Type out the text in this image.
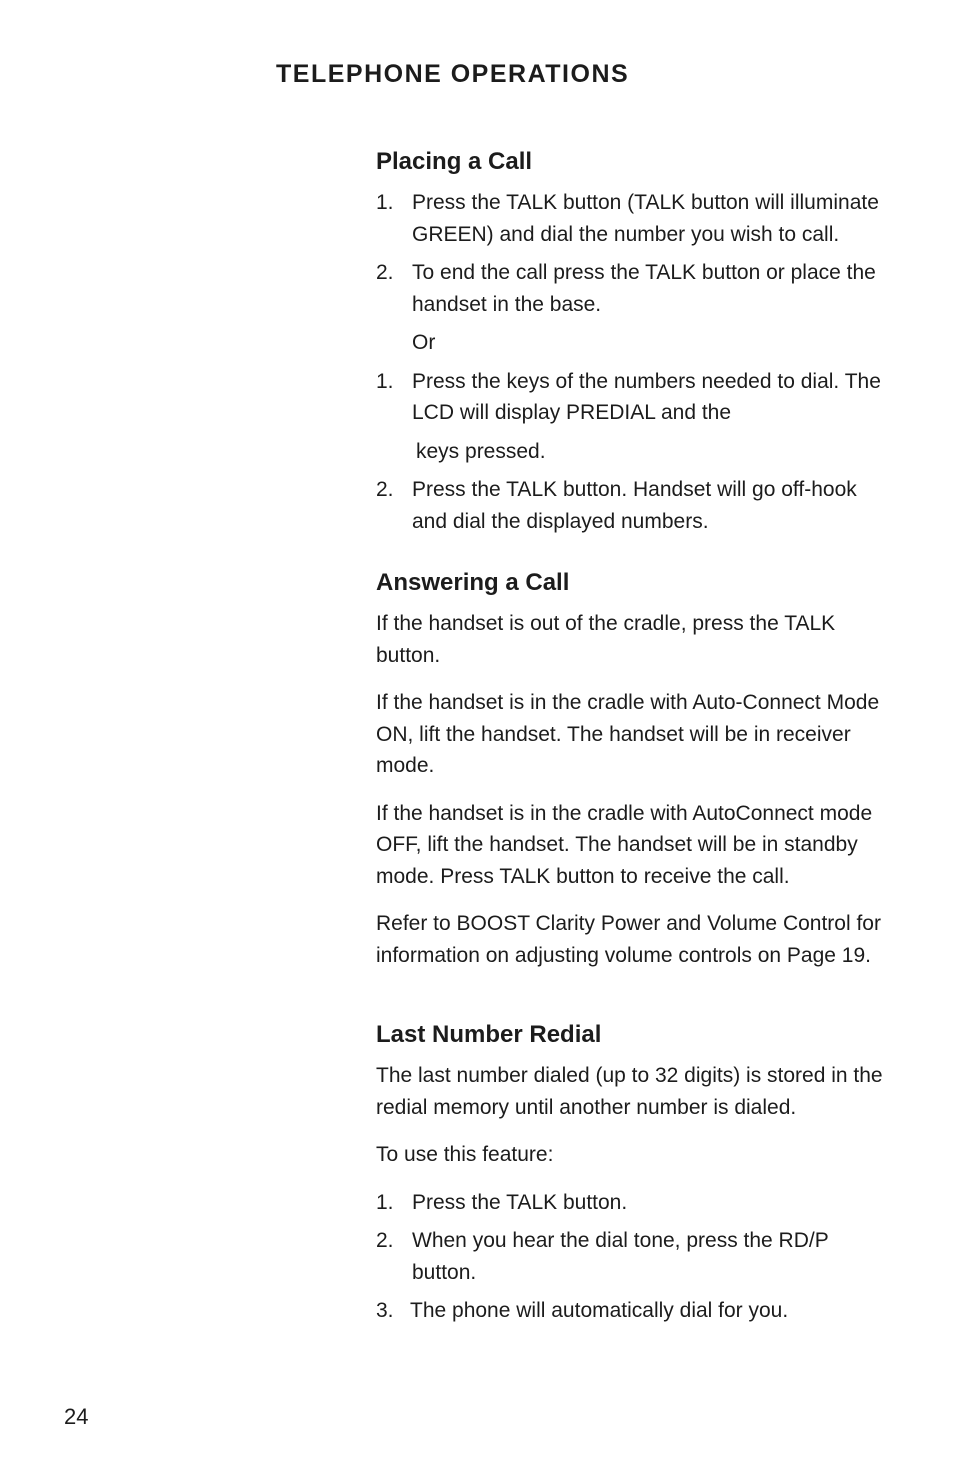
TELEPHONE OPERATIONS
Placing a Call
1. Press the TALK button (TALK button will illuminate GREEN) and dial the number you wish to call.
2. To end the call press the TALK button or place the handset in the base.
Or
1. Press the keys of the numbers needed to dial. The LCD will display PREDIAL and the
keys pressed.
2. Press the TALK button. Handset will go off-hook and dial the displayed numbers.
Answering a Call

If the handset is out of the cradle, press the TALK button.

If the handset is in the cradle with Auto-Connect Mode ON, lift the handset. The handset will be in receiver mode.

If the handset is in the cradle with AutoConnect mode OFF, lift the handset. The handset will be in standby mode. Press TALK button to receive the call.

Refer to BOOST Clarity Power and Volume Control for information on adjusting volume controls on Page 19.

Last Number Redial

The last number dialed (up to 32 digits) is stored in the redial memory until another number is dialed.

To use this feature:

1. Press the TALK button.
2. When you hear the dial tone, press the RD/P button.
3. The phone will automatically dial for you.
24
